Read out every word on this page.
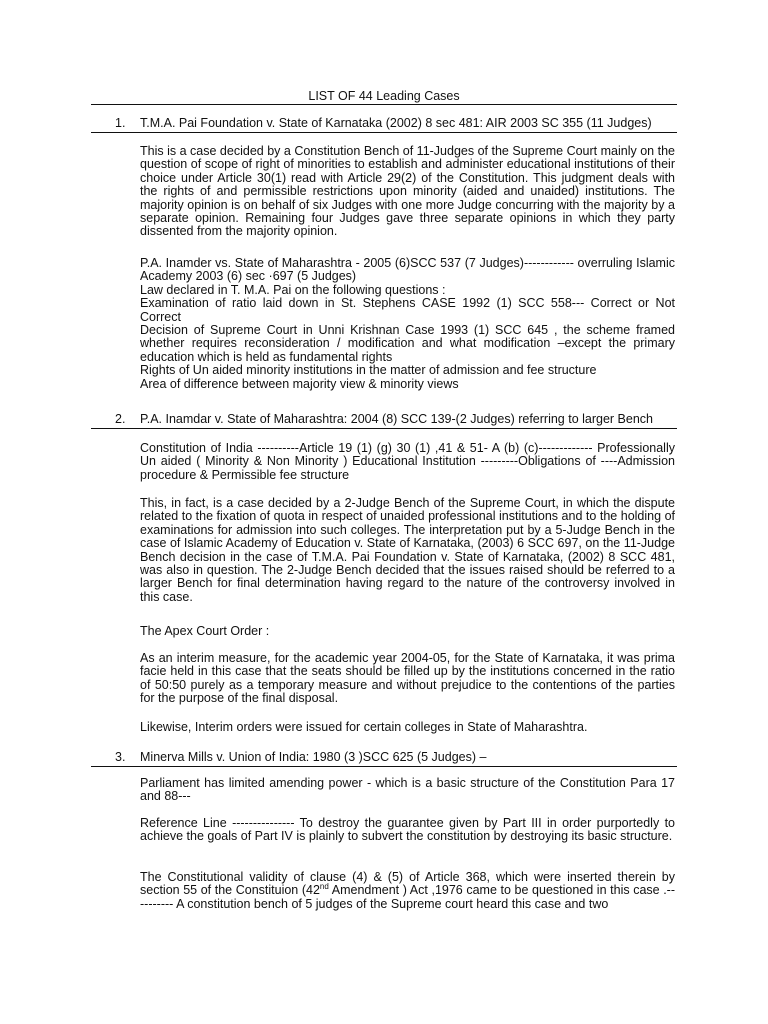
LIST OF 44 Leading Cases
1. T.M.A. Pai Foundation v. State of Karnataka (2002) 8 sec 481: AIR 2003 SC 355 (11 Judges)

This is a case decided by a Constitution Bench of 11-Judges of the Supreme Court mainly on the question of scope of right of minorities to establish and administer educational institutions of their choice under Article 30(1) read with Article 29(2) of the Constitution. This judgment deals with the rights of and permissible restrictions upon minority (aided and unaided) institutions. The majority opinion is on behalf of six Judges with one more Judge concurring with the majority by a separate opinion. Remaining four Judges gave three separate opinions in which they party dissented from the majority opinion.

P.A. Inamder vs. State of Maharashtra - 2005 (6)SCC 537 (7 Judges)------------ overruling Islamic Academy 2003 (6) sec ·697 (5 Judges)
Law declared in T. M.A. Pai on the following questions :
Examination of ratio laid down in St. Stephens CASE 1992 (1) SCC 558--- Correct or Not Correct
Decision of Supreme Court in Unni Krishnan Case 1993 (1) SCC 645 , the scheme framed whether requires reconsideration / modification and what modification –except the primary education which is held as fundamental rights
Rights of Un aided minority institutions in the matter of admission and fee structure
Area of difference between majority view & minority views
2. P.A. Inamdar v. State of Maharashtra: 2004 (8) SCC 139-(2 Judges) referring to larger Bench

Constitution of India ----------Article 19 (1) (g) 30 (1) ,41 & 51- A (b) (c)------------- Professionally Un aided ( Minority & Non Minority ) Educational Institution ---------Obligations of ----Admission procedure & Permissible fee structure

This, in fact, is a case decided by a 2-Judge Bench of the Supreme Court, in which the dispute related to the fixation of quota in respect of unaided professional institutions and to the holding of examinations for admission into such colleges. The interpretation put by a 5-Judge Bench in the case of Islamic Academy of Education v. State of Karnataka, (2003) 6 SCC 697, on the 11-Judge Bench decision in the case of T.M.A. Pai Foundation v. State of Karnataka, (2002) 8 SCC 481, was also in question. The 2-Judge Bench decided that the issues raised should be referred to a larger Bench for final determination having regard to the nature of the controversy involved in this case.

The Apex Court Order :

As an interim measure, for the academic year 2004-05, for the State of Karnataka, it was prima facie held in this case that the seats should be filled up by the institutions concerned in the ratio of 50:50 purely as a temporary measure and without prejudice to the contentions of the parties for the purpose of the final disposal.

Likewise, Interim orders were issued for certain colleges in State of Maharashtra.

3. Minerva Mills v. Union of India: 1980 (3 )SCC 625 (5 Judges) –

Parliament has limited amending power - which is a basic structure of the Constitution Para 17 and 88---

Reference Line --------------- To destroy the guarantee given by Part III in order purportedly to achieve the goals of Part IV is plainly to subvert the constitution by destroying its basic structure.

The Constitutional validity of clause (4) & (5) of Article 368, which were inserted therein by section 55 of the Constituion (42nd Amendment ) Act ,1976 came to be questioned in this case .---------- A constitution bench of 5 judges of the Supreme court heard this case and two
